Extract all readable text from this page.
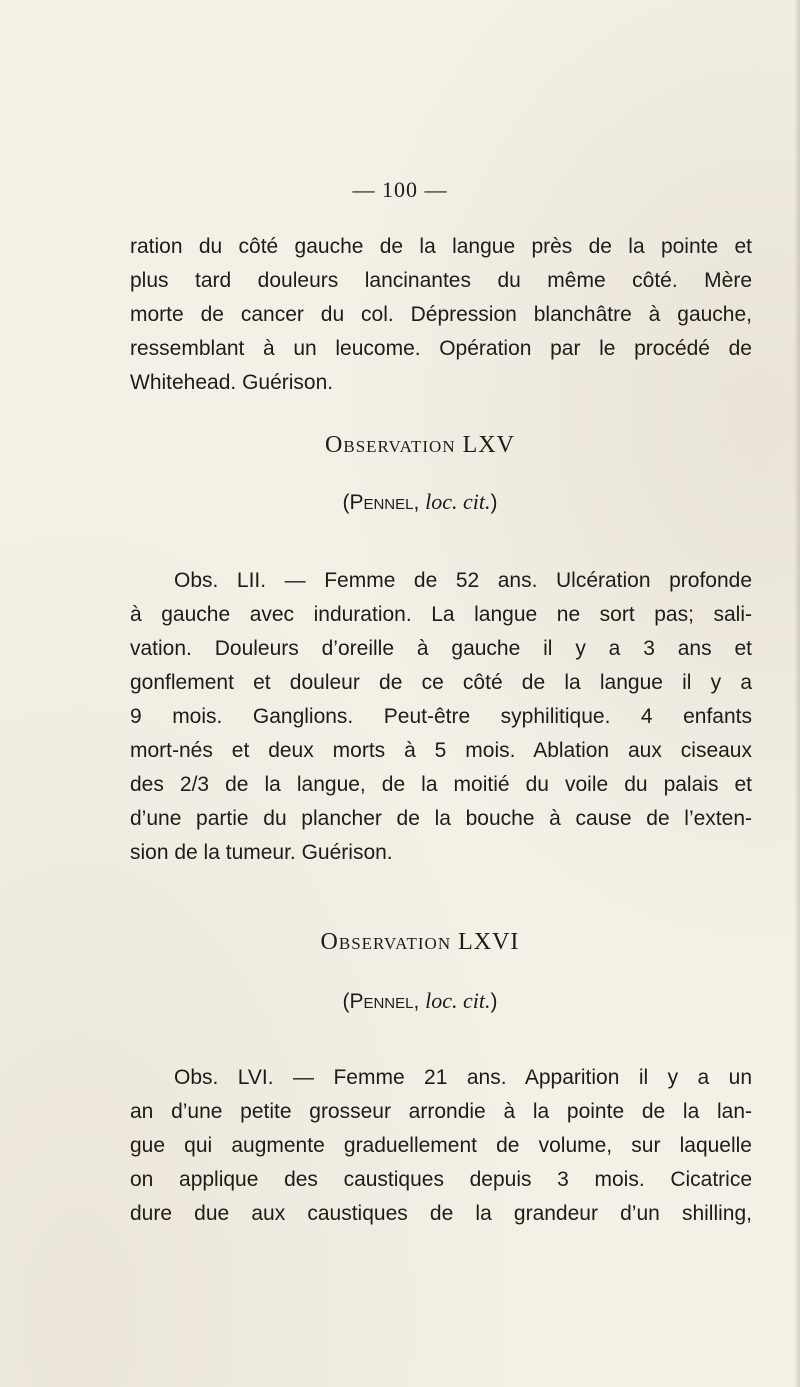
— 100 —

ration du côté gauche de la langue près de la pointe et
plus tard douleurs lancinantes du même côté. Mère
morte de cancer du col. Dépression blanchâtre à gauche,
ressemblant à un leucome. Opération par le procédé de
Whitehead. Guérison.

Observation LXV
(Pennel, loc. cit.)

Obs. LII. — Femme de 52 ans. Ulcération profonde
à gauche avec induration. La langue ne sort pas; sali-
vation. Douleurs d’oreille à gauche il y a 3 ans et
gonflement et douleur de ce côté de la langue il y a
9 mois. Ganglions. Peut-être syphilitique. 4 enfants
mort-nés et deux morts à 5 mois. Ablation aux ciseaux
des 2/3 de la langue, de la moitié du voile du palais et
d’une partie du plancher de la bouche à cause de l’exten-
sion de la tumeur. Guérison.

Observation LXVI
(Pennel, loc. cit.)

Obs. LVI. — Femme 21 ans. Apparition il y a un
an d’une petite grosseur arrondie à la pointe de la lan-
gue qui augmente graduellement de volume, sur laquelle
on applique des caustiques depuis 3 mois. Cicatrice
dure due aux caustiques de la grandeur d’un shilling,
